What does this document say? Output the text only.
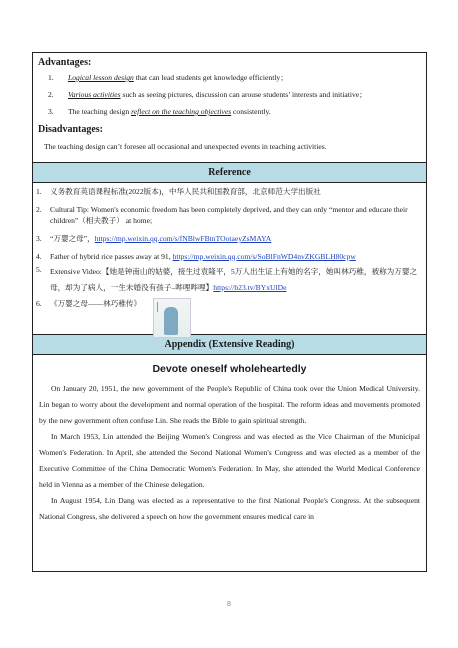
Advantages:
1.	Logical lesson design that can lead students get knowledge efficiently；
2.	Various activities such as seeing pictures, discussion can arouse students’ interests and initiative；
3.	The teaching design reflect on the teaching objectives consistently.
Disadvantages:
The teaching design can’t foresee all occasional and unexpected events in teaching activities.
Reference
1.	义务教育英语课程标准(2022版本)，中华人民共和国教育部，北京师范大学出版社
2.	Cultural Tip: Women's economic freedom has been completely deprived, and they can only “mentor and educate their children”（相夫教子） at home;
3.	“万婴之母”，https://mp.weixin.qq.com/s/fNBlwFBtnTOotaeyZsMAYA
4.	Father of hybrid rice passes away at 91, https://mp.weixin.qq.com/s/SoBlFnWD4nvZKGBLH80cpw
5.	Extensive Video:【她是钟南山的姑婆，接生过袁隆平，5万人出生证上有她的名字，她叫林巧稚，被称为万婴之母，却为了病人，一生未婚没有孩子–哔哩哔哩】https://b23.tv/BYxUlDe
6.	《万婴之母——林巧稚传》
Appendix (Extensive Reading)
Devote oneself wholeheartedly

On January 20, 1951, the new government of the People's Republic of China took over the Union Medical University. Lin began to worry about the development and normal operation of the hospital. The reform ideas and movements promoted by the new government often confuse Lin. She reads the Bible to gain spiritual strength.

In March 1953, Lin attended the Beijing Women's Congress and was elected as the Vice Chairman of the Municipal Women's Federation. In April, she attended the Second National Women's Congress and was elected as a member of the Executive Committee of the China Democratic Women's Federation. In May, she attended the World Medical Conference held in Vienna as a member of the Chinese delegation.

In August 1954, Lin Dang was elected as a representative to the first National People's Congress. At the subsequent National Congress, she delivered a speech on how the government ensures medical care in

8
